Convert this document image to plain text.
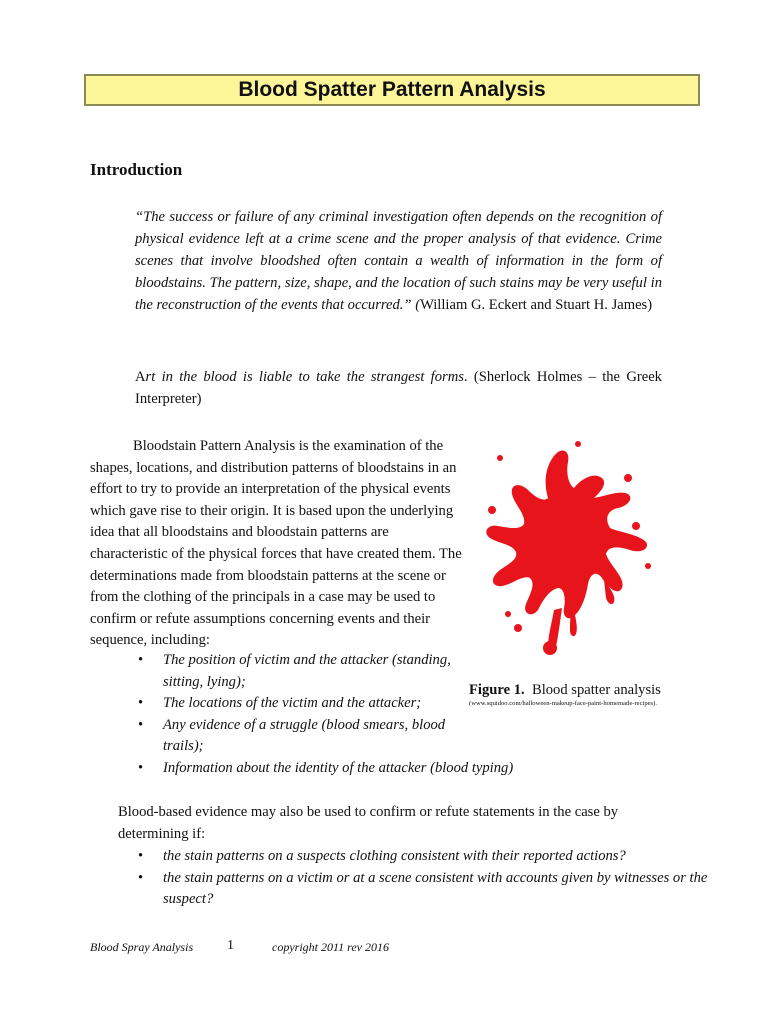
Blood Spatter Pattern Analysis
Introduction
“The success or failure of any criminal investigation often depends on the recognition of physical evidence left at a crime scene and the proper analysis of that evidence. Crime scenes that involve bloodshed often contain a wealth of information in the form of bloodstains. The pattern, size, shape, and the location of such stains may be very useful in the reconstruction of the events that occurred.” (William G. Eckert and Stuart H. James)
Art in the blood is liable to take the strangest forms. (Sherlock Holmes – the Greek Interpreter)

Bloodstain Pattern Analysis is the examination of the shapes, locations, and distribution patterns of bloodstains in an effort to try to provide an interpretation of the physical events which gave rise to their origin. It is based upon the underlying idea that all bloodstains and bloodstain patterns are characteristic of the physical forces that have created them. The determinations made from bloodstain patterns at the scene or from the clothing of the principals in a case may be used to confirm or refute assumptions concerning events and their sequence, including:

• The position of victim and the attacker (standing, sitting, lying);
• The locations of the victim and the attacker;
• Any evidence of a struggle (blood smears, blood trails);
• Information about the identity of the attacker (blood typing)
Figure 1. Blood spatter analysis
(www.squidoo.com/halloween-makeup-face-paint-homemade-recipes).
Blood-based evidence may also be used to confirm or refute statements in the case by determining if:
• the stain patterns on a suspects clothing consistent with their reported actions?
• the stain patterns on a victim or at a scene consistent with accounts given by witnesses or the suspect?
Blood Spray Analysis 1	copyright 2011 rev 2016
